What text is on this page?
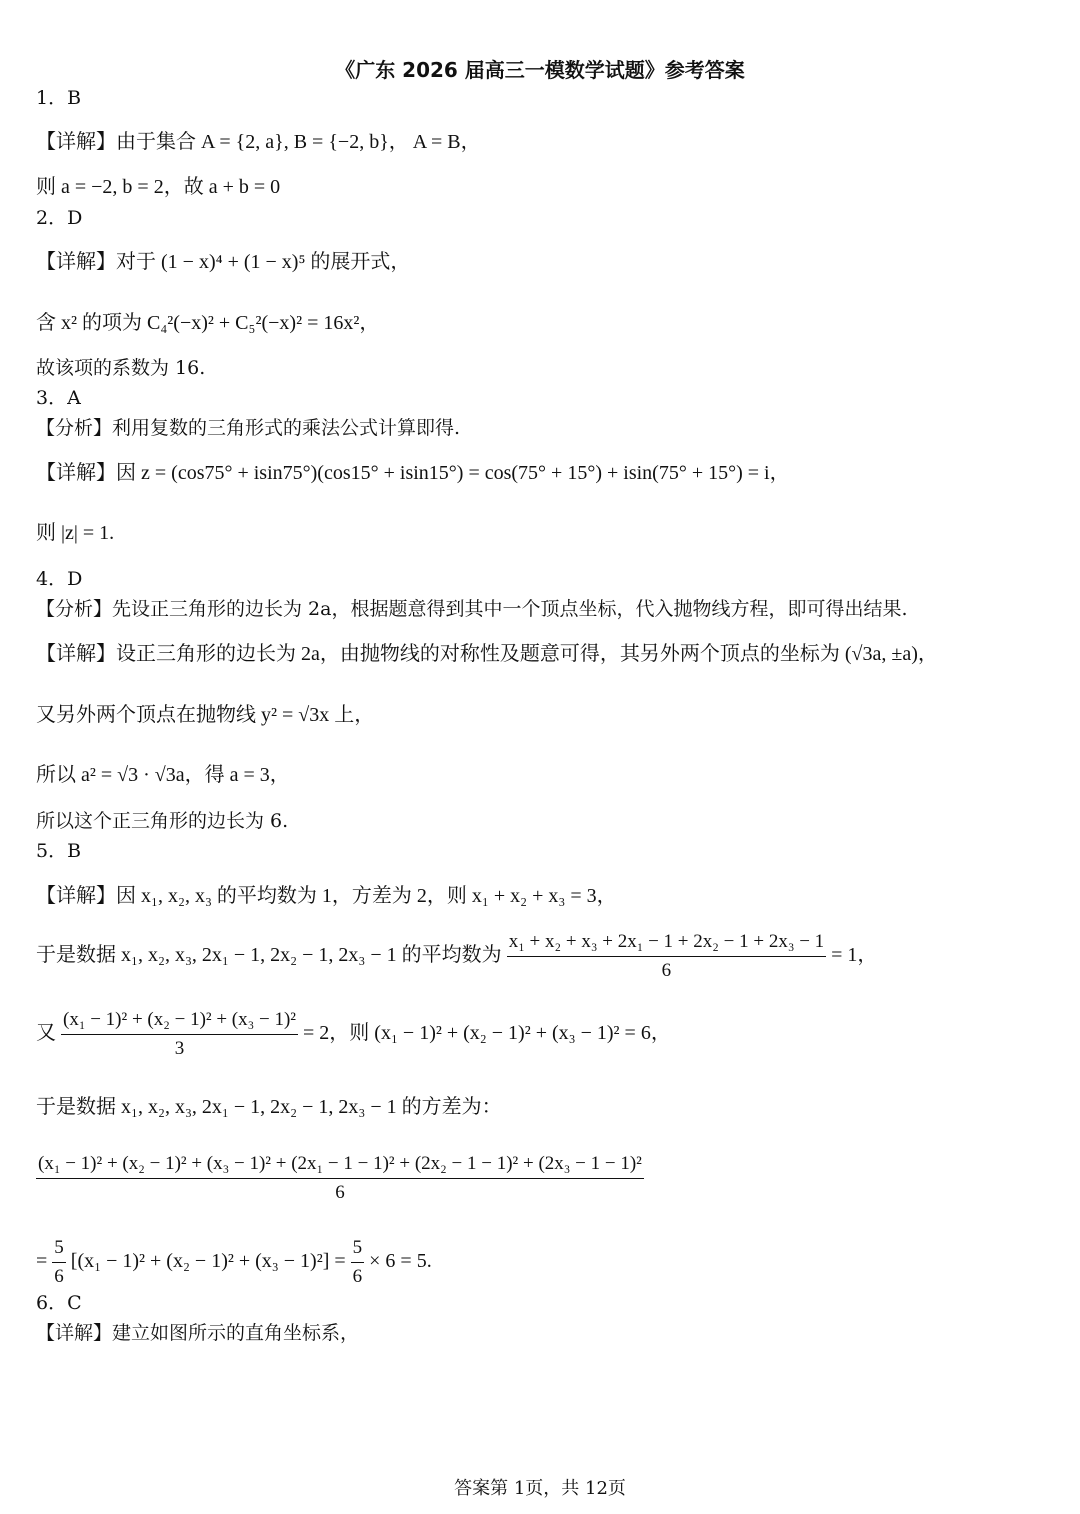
《广东 2026 届高三一模数学试题》参考答案
1．B
【详解】由于集合 A = {2, a}, B = {−2, b}， A = B，
则 a = −2, b = 2，故 a + b = 0
2．D
【详解】对于 (1 − x)⁴ + (1 − x)⁵ 的展开式，
含 x² 的项为 C₄²(−x)² + C₅²(−x)² = 16x²，
故该项的系数为 16.
3．A
【分析】利用复数的三角形式的乘法公式计算即得.
【详解】因 z = (cos75° + isin75°)(cos15° + isin15°) = cos(75° + 15°) + isin(75° + 15°) = i，
则 |z| = 1.
4．D
【分析】先设正三角形的边长为 2a，根据题意得到其中一个顶点坐标，代入抛物线方程，即可得出结果.
【详解】设正三角形的边长为 2a，由抛物线的对称性及题意可得，其另外两个顶点的坐标为 (√3a, ±a)，
又另外两个顶点在抛物线 y² = √3x 上，
所以 a² = √3 · √3a，得 a = 3，
所以这个正三角形的边长为 6.
5．B
【详解】因 x₁, x₂, x₃ 的平均数为 1，方差为 2，则 x₁ + x₂ + x₃ = 3，
于是数据 x₁, x₂, x₃, 2x₁ − 1, 2x₂ − 1, 2x₃ − 1 的平均数为 $\frac{\text{x₁ + x₂ + x₃ + 2x₁ − 1 + 2x₂ − 1 + 2x₃ − 1}}{6} = 1$，
又 $\frac{\text{(x₁ − 1)² + (x₂ − 1)² + (x₃ − 1)²}}{3} = 2$，则 (x₁ − 1)² + (x₂ − 1)² + (x₃ − 1)² = 6，
于是数据 x₁, x₂, x₃, 2x₁ − 1, 2x₂ − 1, 2x₃ − 1 的方差为：
(x₁ − 1)² + (x₂ − 1)² + (x₃ − 1)² + (2x₁ − 1 − 1)² + (2x₂ − 1 − 1)² + (2x₃ − 1 − 1)²
6
= $\frac{5}{6} [(x_1 - 1)^2 + (x_2 - 1)^2 + (x_3 - 1)^2] = \frac{5}{6} \times 6 = 5$.
6．C
【详解】建立如图所示的直角坐标系，
答案第 1页，共 12页
